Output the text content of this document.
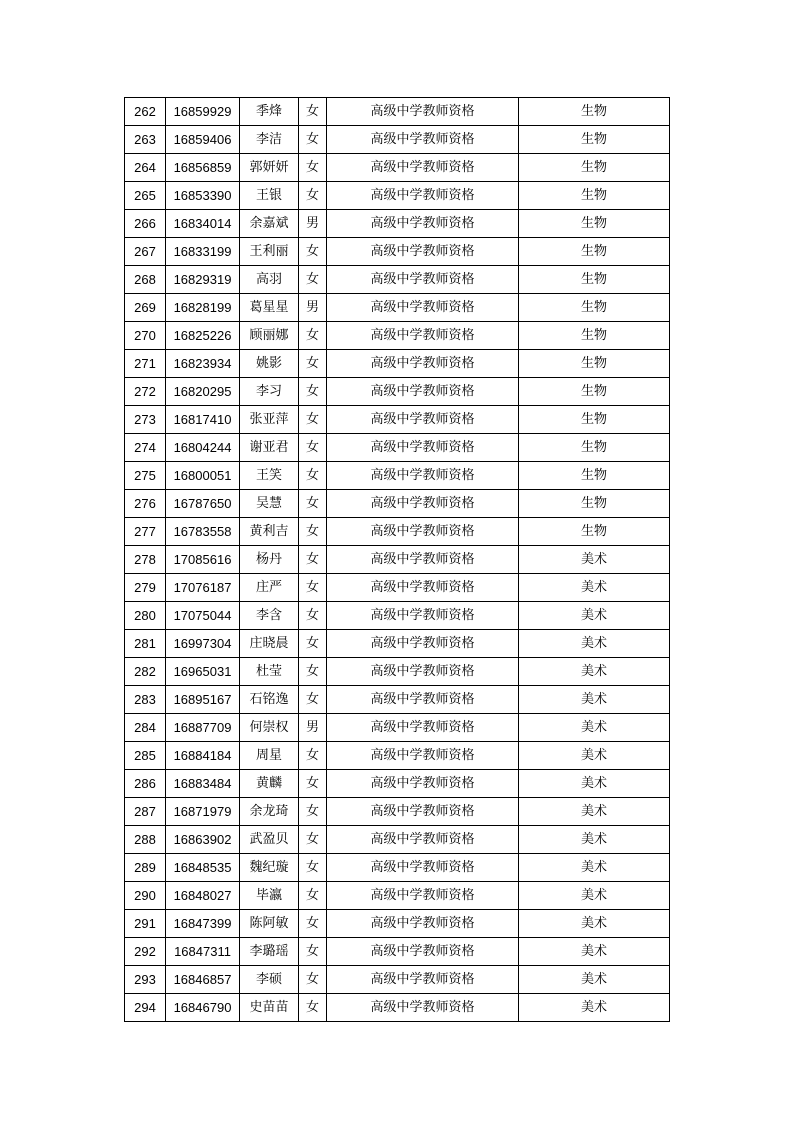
262	16859929	季烽	女	高级中学教师资格	生物
263	16859406	李洁	女	高级中学教师资格	生物
264	16856859	郭妍妍	女	高级中学教师资格	生物
265	16853390	王银	女	高级中学教师资格	生物
266	16834014	余嘉斌	男	高级中学教师资格	生物
267	16833199	王利丽	女	高级中学教师资格	生物
268	16829319	高羽	女	高级中学教师资格	生物
269	16828199	葛星星	男	高级中学教师资格	生物
270	16825226	顾丽娜	女	高级中学教师资格	生物
271	16823934	姚影	女	高级中学教师资格	生物
272	16820295	李习	女	高级中学教师资格	生物
273	16817410	张亚萍	女	高级中学教师资格	生物
274	16804244	谢亚君	女	高级中学教师资格	生物
275	16800051	王笑	女	高级中学教师资格	生物
276	16787650	吴慧	女	高级中学教师资格	生物
277	16783558	黄利吉	女	高级中学教师资格	生物
278	17085616	杨丹	女	高级中学教师资格	美术
279	17076187	庄严	女	高级中学教师资格	美术
280	17075044	李含	女	高级中学教师资格	美术
281	16997304	庄晓晨	女	高级中学教师资格	美术
282	16965031	杜莹	女	高级中学教师资格	美术
283	16895167	石铭逸	女	高级中学教师资格	美术
284	16887709	何崇权	男	高级中学教师资格	美术
285	16884184	周星	女	高级中学教师资格	美术
286	16883484	黄麟	女	高级中学教师资格	美术
287	16871979	余龙琦	女	高级中学教师资格	美术
288	16863902	武盈贝	女	高级中学教师资格	美术
289	16848535	魏纪璇	女	高级中学教师资格	美术
290	16848027	毕瀛	女	高级中学教师资格	美术
291	16847399	陈阿敏	女	高级中学教师资格	美术
292	16847311	李璐瑶	女	高级中学教师资格	美术
293	16846857	李硕	女	高级中学教师资格	美术
294	16846790	史苗苗	女	高级中学教师资格	美术
